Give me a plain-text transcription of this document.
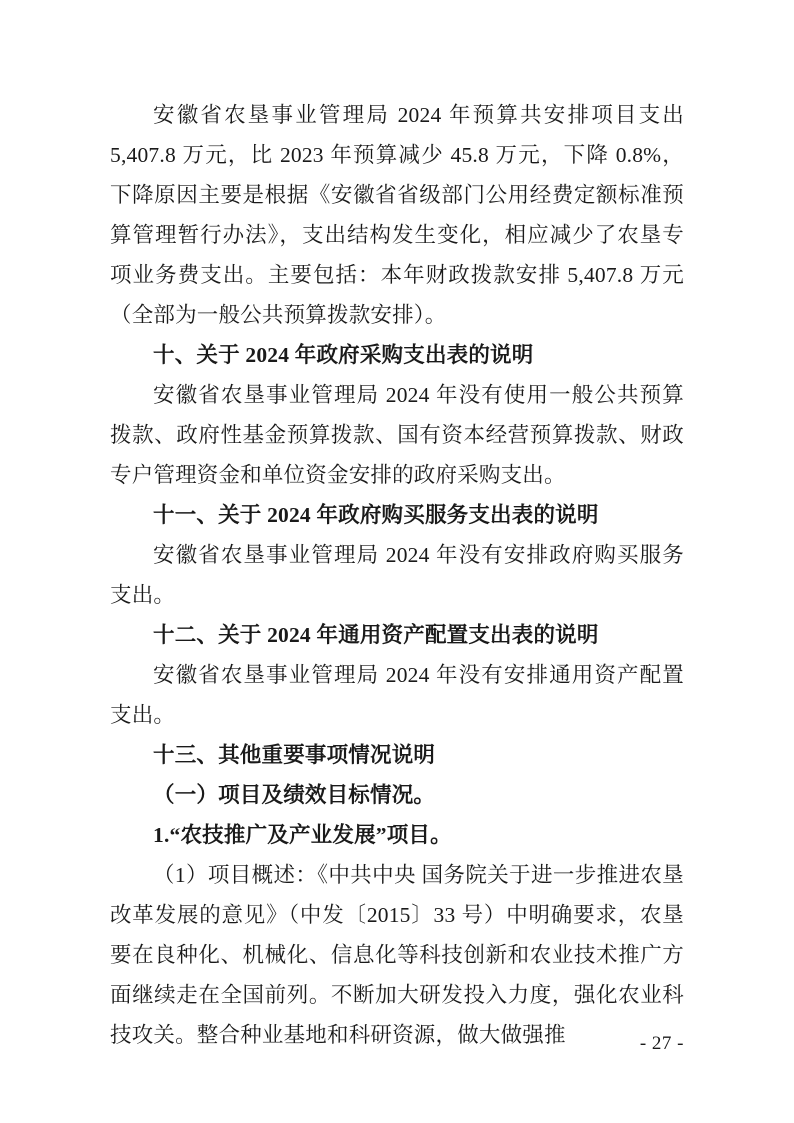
安徽省农垦事业管理局 2024 年预算共安排项目支出 5,407.8 万元，比 2023 年预算减少 45.8 万元，下降 0.8%，下降原因主要是根据《安徽省省级部门公用经费定额标准预算管理暂行办法》，支出结构发生变化，相应减少了农垦专项业务费支出。主要包括：本年财政拨款安排 5,407.8 万元（全部为一般公共预算拨款安排）。

十、关于 2024 年政府采购支出表的说明

安徽省农垦事业管理局 2024 年没有使用一般公共预算拨款、政府性基金预算拨款、国有资本经营预算拨款、财政专户管理资金和单位资金安排的政府采购支出。

十一、关于 2024 年政府购买服务支出表的说明

安徽省农垦事业管理局 2024 年没有安排政府购买服务支出。

十二、关于 2024 年通用资产配置支出表的说明

安徽省农垦事业管理局 2024 年没有安排通用资产配置支出。

十三、其他重要事项情况说明

（一）项目及绩效目标情况。

1.“农技推广及产业发展”项目。

（1）项目概述：《中共中央 国务院关于进一步推进农垦改革发展的意见》（中发〔2015〕33 号）中明确要求，农垦要在良种化、机械化、信息化等科技创新和农业技术推广方面继续走在全国前列。不断加大研发投入力度，强化农业科技攻关。整合种业基地和科研资源，做大做强推	- 27 -
